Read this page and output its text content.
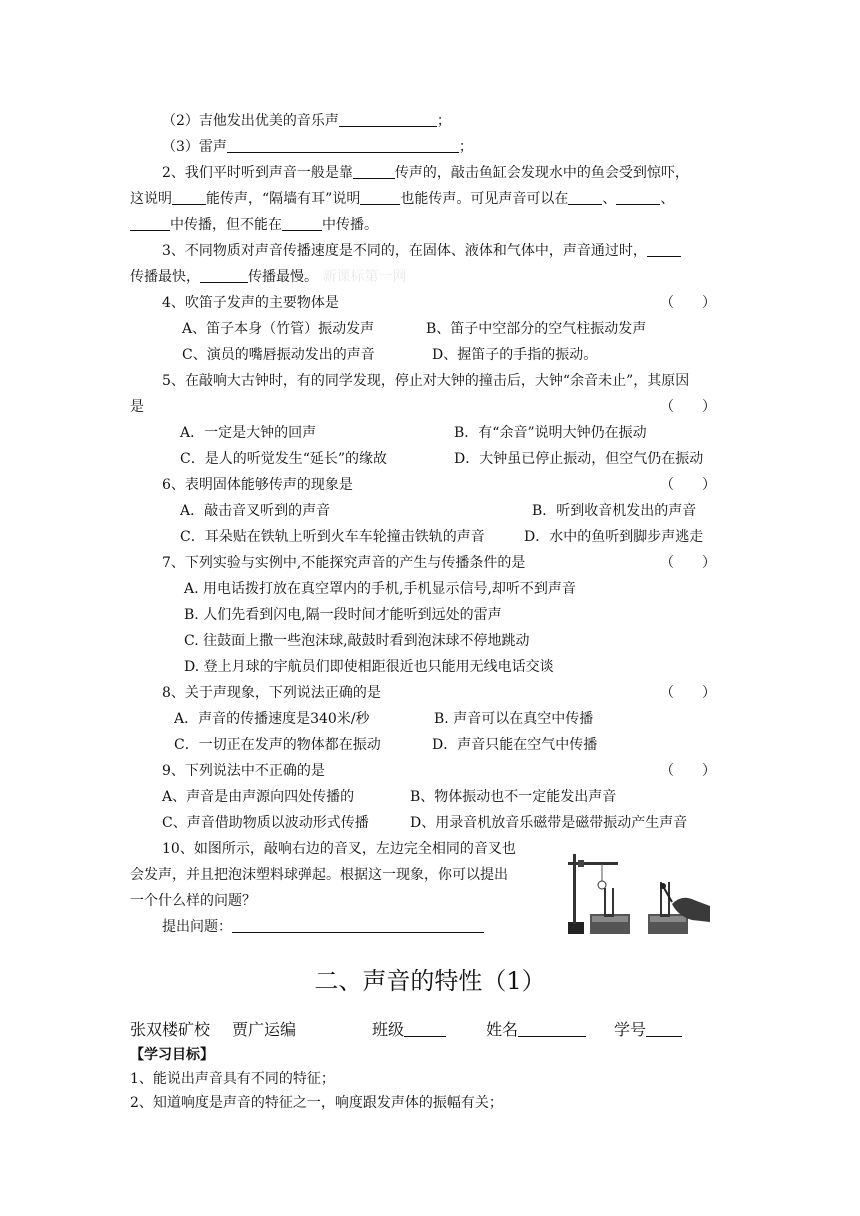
（2）吉他发出优美的音乐声	；
（3）雷声	；
2、我们平时听到声音一般是靠	传声的，敲击鱼缸会发现水中的鱼会受到惊吓，
这说明 能传声，“隔墙有耳”说明	也能传声。可见声音可以在 、	、
中传播，但不能在	中传播。
3、不同物质对声音传播速度是不同的，在固体、液体和气体中，声音通过时，
传播最快，	传播最慢。 新课标第一网
4、吹笛子发声的主要物体是	（　　）
A、笛子本身（竹管）振动发声	B、笛子中空部分的空气柱振动发声
C、演员的嘴唇振动发出的声音	D、握笛子的手指的振动。
5、在敲响大古钟时，有的同学发现，停止对大钟的撞击后，大钟“余音未止”，其原因
是	（　　）
A．一定是大钟的回声	B．有“余音”说明大钟仍在振动
C．是人的听觉发生“延长”的缘故	D．大钟虽已停止振动，但空气仍在振动
6、表明固体能够传声的现象是	（　　）
A．敲击音叉听到的声音	B．听到收音机发出的声音
C．耳朵贴在铁轨上听到火车车轮撞击铁轨的声音	D．水中的鱼听到脚步声逃走
7、下列实验与实例中,不能探究声音的产生与传播条件的是	（　　）
A. 用电话拨打放在真空罩内的手机,手机显示信号,却听不到声音
B. 人们先看到闪电,隔一段时间才能听到远处的雷声
C. 往鼓面上撒一些泡沫球,敲鼓时看到泡沫球不停地跳动
D. 登上月球的宇航员们即使相距很近也只能用无线电话交谈
8、关于声现象，下列说法正确的是	（　　）
A．声音的传播速度是340米/秒	B. 声音可以在真空中传播
C．一切正在发声的物体都在振动	D．声音只能在空气中传播
9、下列说法中不正确的是	（　　）
A、声音是由声源向四处传播的	B、物体振动也不一定能发出声音
C、声音借助物质以波动形式传播	D、用录音机放音乐磁带是磁带振动产生声音
10、如图所示，敲响右边的音叉，左边完全相同的音叉也
会发声，并且把泡沫塑料球弹起。根据这一现象，你可以提出
一个什么样的问题？
提出问题：
二、声音的特性（1）
张双楼矿校 贾广运编	班级	姓名	学号
【学习目标】
1、能说出声音具有不同的特征；
2、知道响度是声音的特征之一，响度跟发声体的振幅有关；
